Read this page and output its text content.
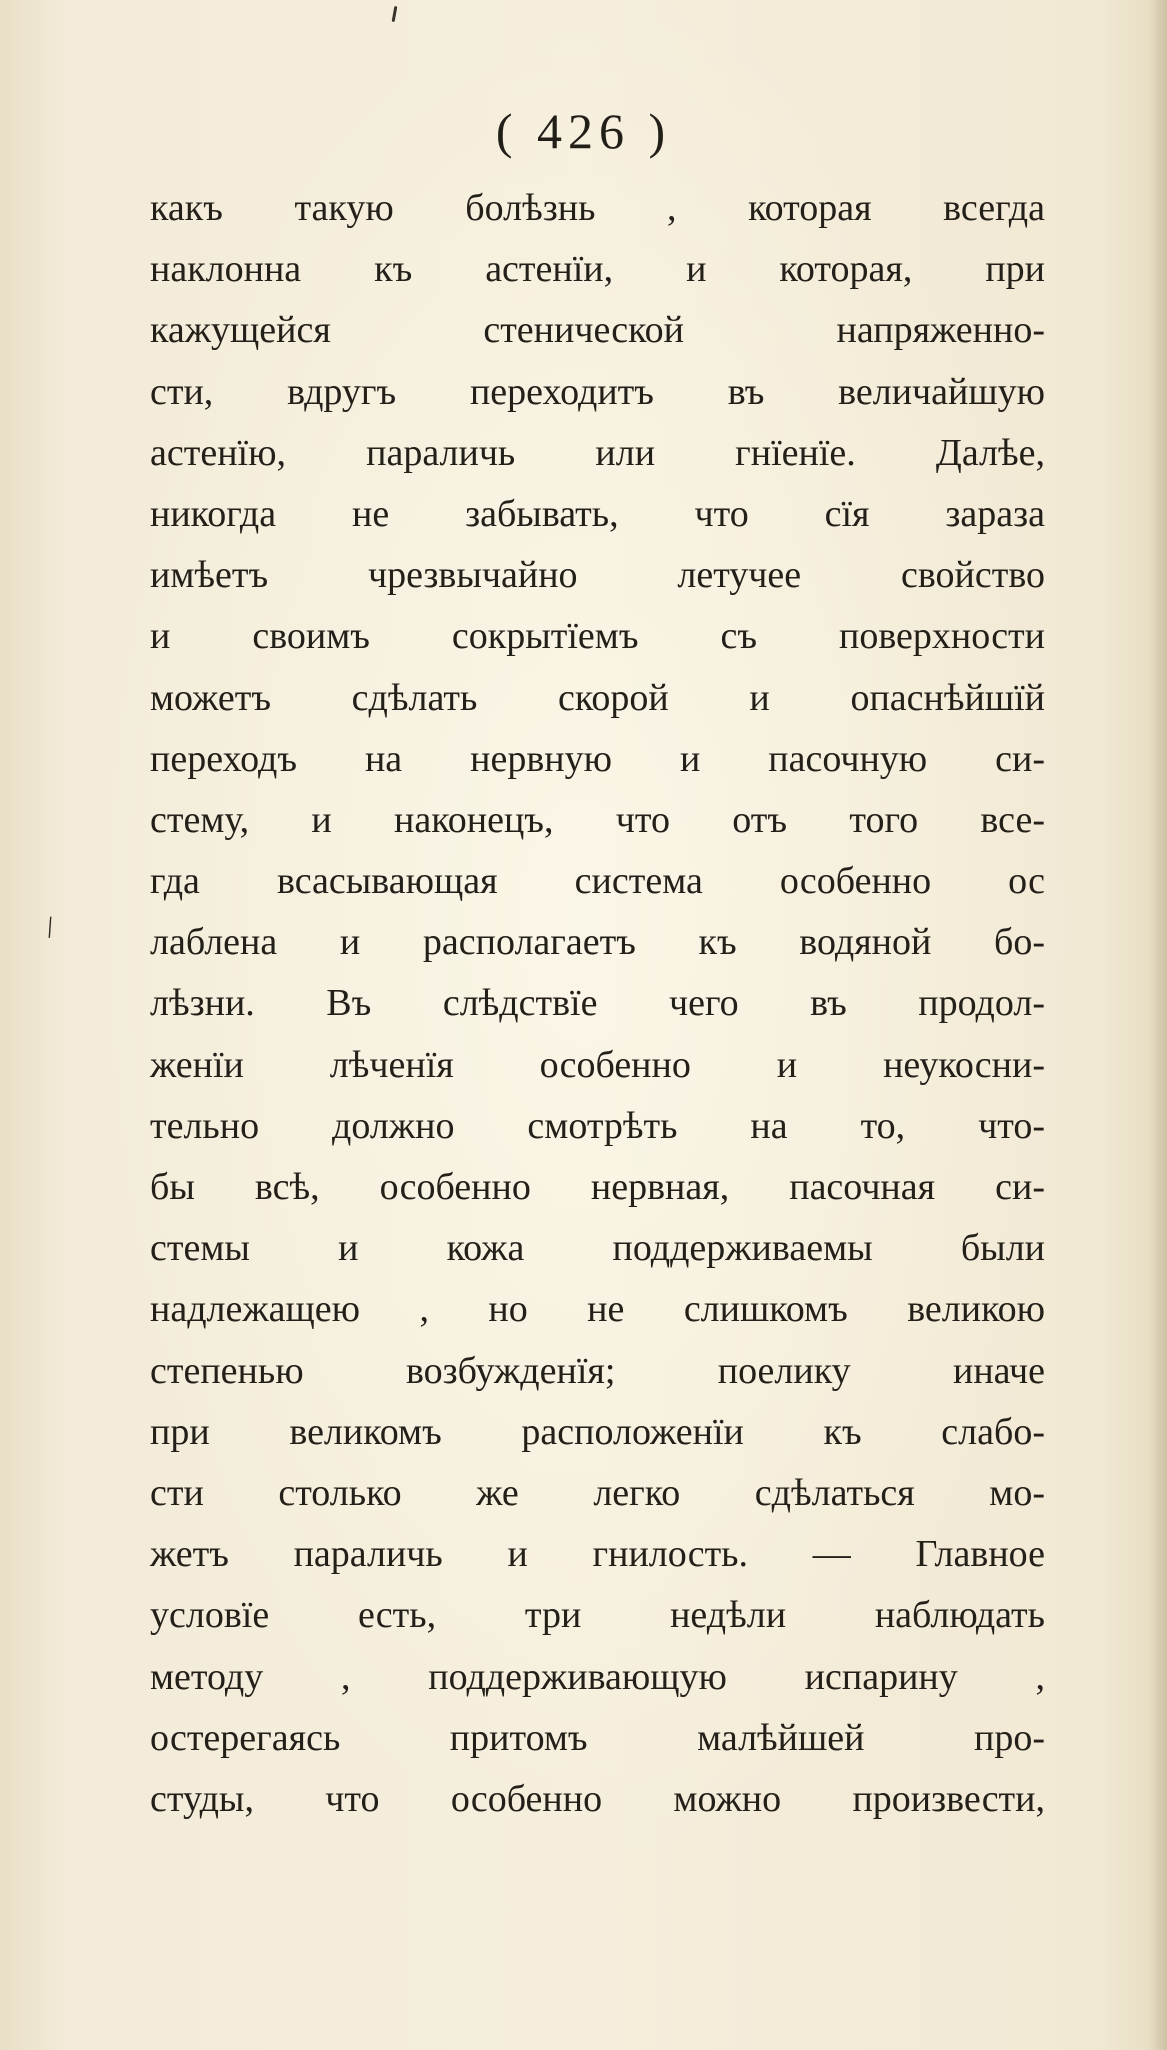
( 426 )
/
какъ такую болѣзнь , которая всегда
наклонна къ астенїи, и которая, при
кажущейся стенической напряженно-
сти, вдругъ переходитъ въ величайшую
астенїю, параличь или гнїенїе. Далѣе,
никогда не забывать, что сїя зараза
имѣетъ чрезвычайно летучее свойство
и своимъ сокрытїемъ съ поверхности
можетъ сдѣлать скорой и опаснѣйшїй
переходъ на нервную и пасочную си-
стему, и наконецъ, что отъ того все-
гда всасывающая система особенно ос
лаблена и располагаетъ къ водяной бо-
лѣзни. Въ слѣдствїе чего въ продол-
женїи лѣченїя особенно и неукосни-
тельно должно смотрѣть на то, что-
бы всѣ, особенно нервная, пасочная си-
стемы и кожа поддерживаемы были
надлежащею , но не слишкомъ великою
степенью возбужденїя; поелику иначе
при великомъ расположенїи къ слабо-
сти столько же легко сдѣлаться мо-
жетъ параличь и гнилость. — Главное
условїе есть, три недѣли наблюдать
методу , поддерживающую испарину ,
остерегаясь притомъ малѣйшей про-
студы, что особенно можно произвести,
